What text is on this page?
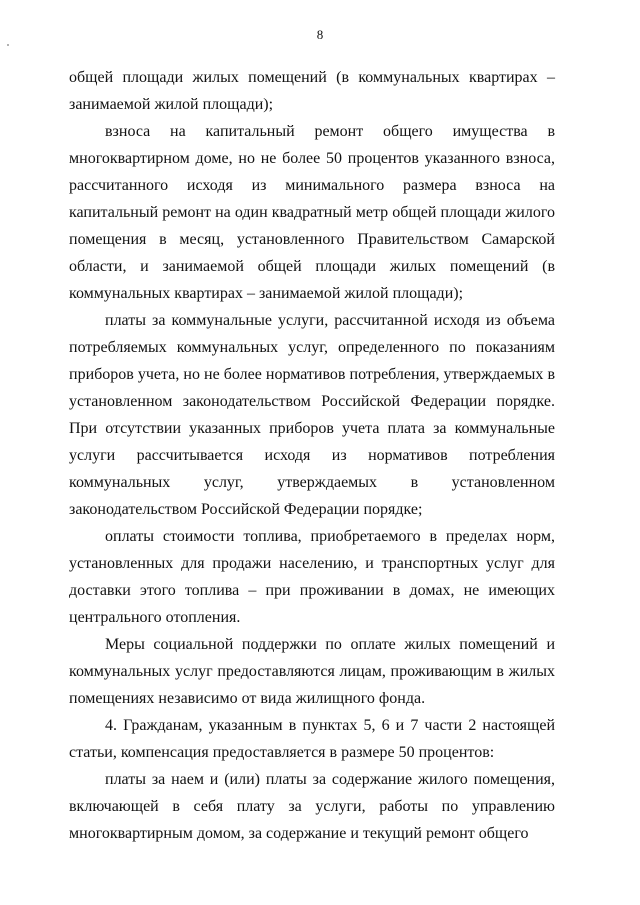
8

общей площади жилых помещений (в коммунальных квартирах – занимаемой жилой площади);

взноса на капитальный ремонт общего имущества в многоквартирном доме, но не более 50 процентов указанного взноса, рассчитанного исходя из минимального размера взноса на капитальный ремонт на один квадратный метр общей площади жилого помещения в месяц, установленного Правительством Самарской области, и занимаемой общей площади жилых помещений (в коммунальных квартирах – занимаемой жилой площади);

платы за коммунальные услуги, рассчитанной исходя из объема потребляемых коммунальных услуг, определенного по показаниям приборов учета, но не более нормативов потребления, утверждаемых в установленном законодательством Российской Федерации порядке. При отсутствии указанных приборов учета плата за коммунальные услуги рассчитывается исходя из нормативов потребления коммунальных услуг, утверждаемых в установленном законодательством Российской Федерации порядке;

оплаты стоимости топлива, приобретаемого в пределах норм, установленных для продажи населению, и транспортных услуг для доставки этого топлива – при проживании в домах, не имеющих центрального отопления.

Меры социальной поддержки по оплате жилых помещений и коммунальных услуг предоставляются лицам, проживающим в жилых помещениях независимо от вида жилищного фонда.

4. Гражданам, указанным в пунктах 5, 6 и 7 части 2 настоящей статьи, компенсация предоставляется в размере 50 процентов:

платы за наем и (или) платы за содержание жилого помещения, включающей в себя плату за услуги, работы по управлению многоквартирным домом, за содержание и текущий ремонт общего
